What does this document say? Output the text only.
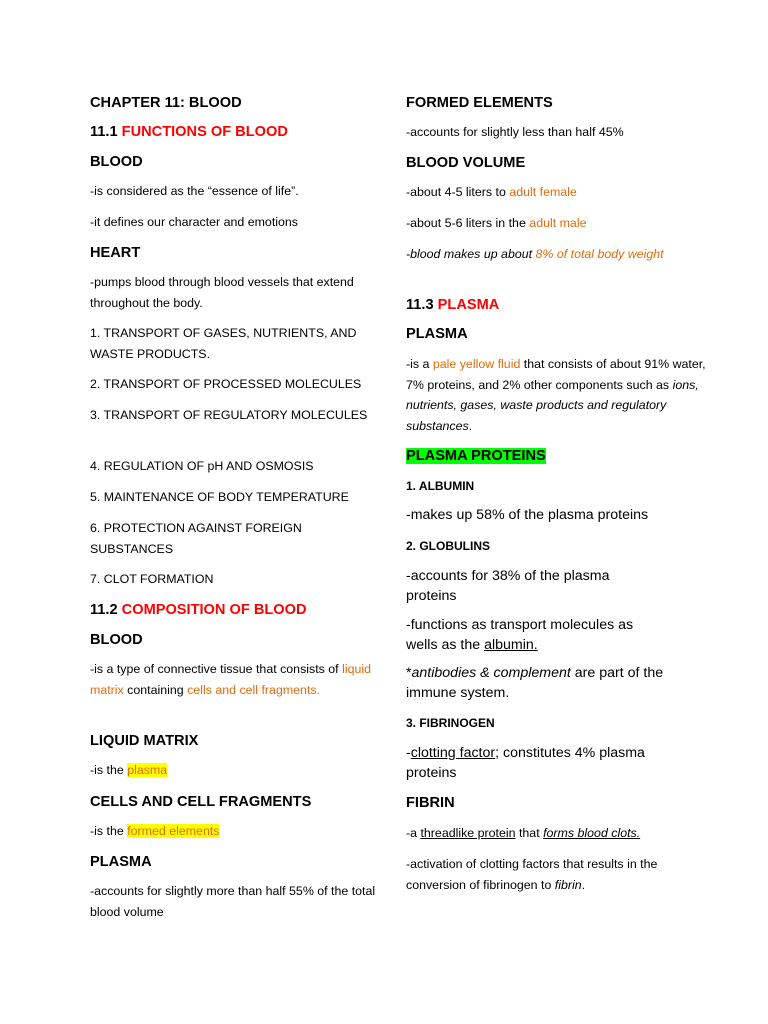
CHAPTER 11: BLOOD
11.1 FUNCTIONS OF BLOOD
BLOOD
-is considered as the “essence of life”.
-it defines our character and emotions
HEART
-pumps blood through blood vessels that extend throughout the body.
1. TRANSPORT OF GASES, NUTRIENTS, AND WASTE PRODUCTS.
2. TRANSPORT OF PROCESSED MOLECULES
3. TRANSPORT OF REGULATORY MOLECULES
4. REGULATION OF pH AND OSMOSIS
5. MAINTENANCE OF BODY TEMPERATURE
6. PROTECTION AGAINST FOREIGN SUBSTANCES
7. CLOT FORMATION
11.2 COMPOSITION OF BLOOD
BLOOD
-is a type of connective tissue that consists of liquid matrix containing cells and cell fragments.
LIQUID MATRIX
-is the plasma
CELLS AND CELL FRAGMENTS
-is the formed elements
PLASMA
-accounts for slightly more than half 55% of the total blood volume
FORMED ELEMENTS
-accounts for slightly less than half 45%
BLOOD VOLUME
-about 4-5 liters to adult female
-about 5-6 liters in the adult male
-blood makes up about 8% of total body weight
11.3 PLASMA
PLASMA
-is a pale yellow fluid that consists of about 91% water, 7% proteins, and 2% other components such as ions, nutrients, gases, waste products and regulatory substances.
PLASMA PROTEINS
1. ALBUMIN
-makes up 58% of the plasma proteins
2. GLOBULINS
-accounts for 38% of the plasma proteins
-functions as transport molecules as wells as the albumin.
*antibodies & complement are part of the immune system.
3. FIBRINOGEN
-clotting factor; constitutes 4% plasma proteins
FIBRIN
-a threadlike protein that forms blood clots.
-activation of clotting factors that results in the conversion of fibrinogen to fibrin.
